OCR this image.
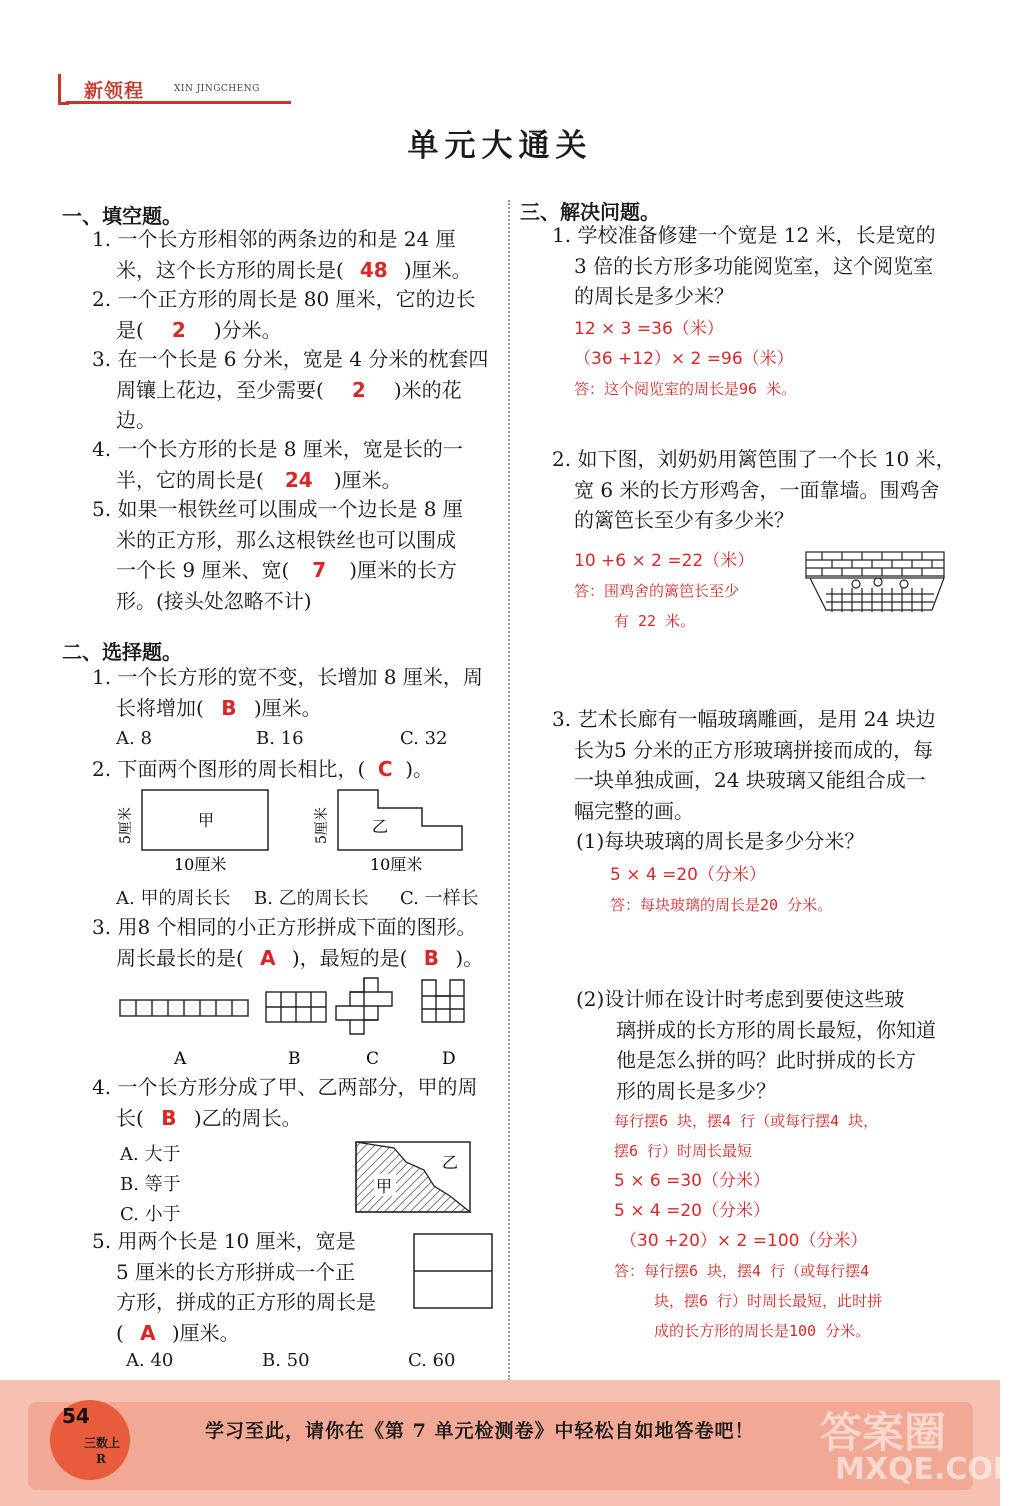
新领程	XIN JINGCHENG
单元大通关
一、填空题。
1. 一个长方形相邻的两条边的和是 24 厘
米，这个长方形的周长是( 48 )厘米。
2. 一个正方形的周长是 80 厘米，它的边长
是( 2 )分米。
3. 在一个长是 6 分米，宽是 4 分米的枕套四
周镶上花边，至少需要( 2 )米的花
边。
4. 一个长方形的长是 8 厘米，宽是长的一
半，它的周长是( 24 )厘米。
5. 如果一根铁丝可以围成一个边长是 8 厘
米的正方形，那么这根铁丝也可以围成
一个长 9 厘米、宽( 7 )厘米的长方
形。(接头处忽略不计)
二、选择题。
1. 一个长方形的宽不变，长增加 8 厘米，周
长将增加( B )厘米。
A. 8	B. 16	C. 32
2. 下面两个图形的周长相比，( C )。
甲
5厘米
10厘米
乙
5厘米
10厘米
A. 甲的周长长 B. 乙的周长长 C. 一样长
3. 用8 个相同的小正方形拼成下面的图形。
周长最长的是( A )，最短的是( B )。
A	B	C	D
4. 一个长方形分成了甲、乙两部分，甲的周
长( B )乙的周长。
A. 大于
B. 等于
C. 小于
甲
乙
5. 用两个长是 10 厘米，宽是
5 厘米的长方形拼成一个正
方形，拼成的正方形的周长是
( A )厘米。
A. 40	B. 50	C. 60
三、解决问题。
1. 学校准备修建一个宽是 12 米，长是宽的
3 倍的长方形多功能阅览室，这个阅览室
的周长是多少米？
12 × 3 =36（米）
（36 +12）× 2 =96（米）
答：这个阅览室的周长是96 米。
2. 如下图，刘奶奶用篱笆围了一个长 10 米，
宽 6 米的长方形鸡舍，一面靠墙。围鸡舍
的篱笆长至少有多少米？
10 +6 × 2 =22（米）
答：围鸡舍的篱笆长至少
有 22 米。
3. 艺术长廊有一幅玻璃雕画，是用 24 块边
长为5 分米的正方形玻璃拼接而成的，每
一块单独成画，24 块玻璃又能组合成一
幅完整的画。
(1)每块玻璃的周长是多少分米？
5 × 4 =20（分米）
答：每块玻璃的周长是20 分米。
(2)设计师在设计时考虑到要使这些玻
璃拼成的长方形的周长最短，你知道
他是怎么拼的吗？此时拼成的长方
形的周长是多少？
每行摆6 块，摆4 行（或每行摆4 块，
摆6 行）时周长最短
5 × 6 =30（分米）
5 × 4 =20（分米）
（30 +20）× 2 =100（分米）
答：每行摆6 块，摆4 行（或每行摆4
块，摆6 行）时周长最短，此时拼
成的长方形的周长是100 分米。
54
三数上
R
学习至此，请你在《第 7 单元检测卷》中轻松自如地答卷吧！ 答案圈
MXQE.COM
